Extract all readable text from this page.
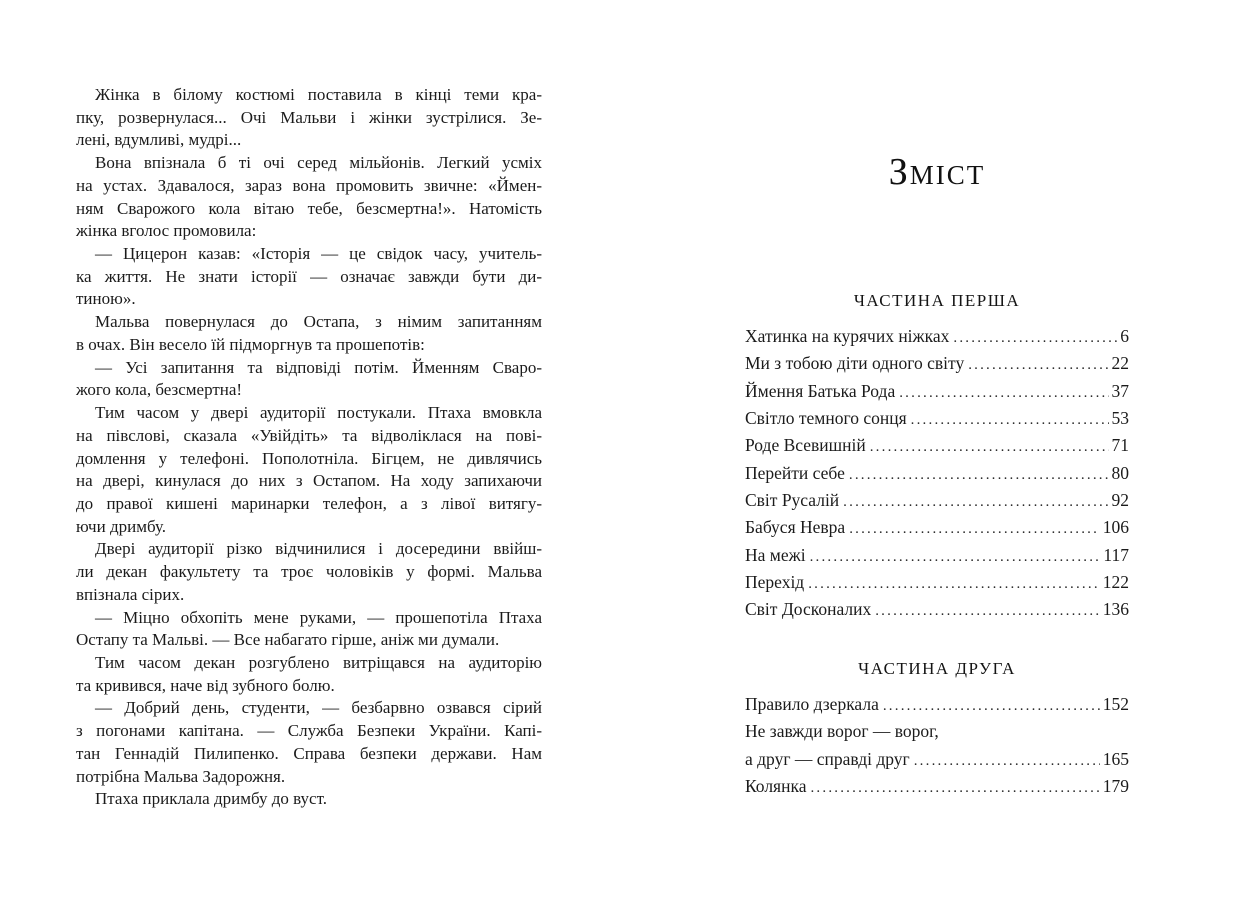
Жінка в білому костюмі поставила в кінці теми кра-
пку, розвернулася... Очі Мальви і жінки зустрілися. Зе-
лені, вдумливі, мудрі...
Вона впізнала б ті очі серед мільйонів. Легкий усміх
на устах. Здавалося, зараз вона промовить звичне: «Ймен-
ням Сварожого кола вітаю тебе, безсмертна!». Натомість
жінка вголос промовила:
— Цицерон казав: «Історія — це свідок часу, учитель-
ка життя. Не знати історії — означає завжди бути ди-
тиною».
Мальва повернулася до Остапа, з німим запитанням
в очах. Він весело їй підморгнув та прошепотів:
— Усі запитання та відповіді потім. Йменням Сваро-
жого кола, безсмертна!
Тим часом у двері аудиторії постукали. Птаха вмовкла
на півслові, сказала «Увійдіть» та відволіклася на пові-
домлення у телефоні. Пополотніла. Бігцем, не дивлячись
на двері, кинулася до них з Остапом. На ходу запихаючи
до правої кишені маринарки телефон, а з лівої витягу-
ючи дримбу.
Двері аудиторії різко відчинилися і досередини ввійш-
ли декан факультету та троє чоловіків у формі. Мальва
впізнала сірих.
— Міцно обхопіть мене руками, — прошепотіла Птаха
Остапу та Мальві. — Все набагато гірше, аніж ми думали.
Тим часом декан розгублено витріщався на аудиторію
та кривився, наче від зубного болю.
— Добрий день, студенти, — безбарвно озвався сірий
з погонами капітана. — Служба Безпеки України. Капі-
тан Геннадій Пилипенко. Справа безпеки держави. Нам
потрібна Мальва Задорожня.
Птаха приклала дримбу до вуст.
Зміст
ЧАСТИНА ПЕРША
Хатинка на курячих ніжках .....	6
Ми з тобою діти одного світу .....	22
Ймення Батька Рода .....	37
Світло темного сонця .....	53
Роде Всевишній .....	71
Перейти себе .....	80
Світ Русалій .....	92
Бабуся Невра .....	106
На межі .....	117
Перехід .....	122
Світ Досконалих .....	136
ЧАСТИНА ДРУГА
Правило дзеркала .....	152
Не завжди ворог — ворог,
а друг — справді друг .....	165
Колянка .....	179
